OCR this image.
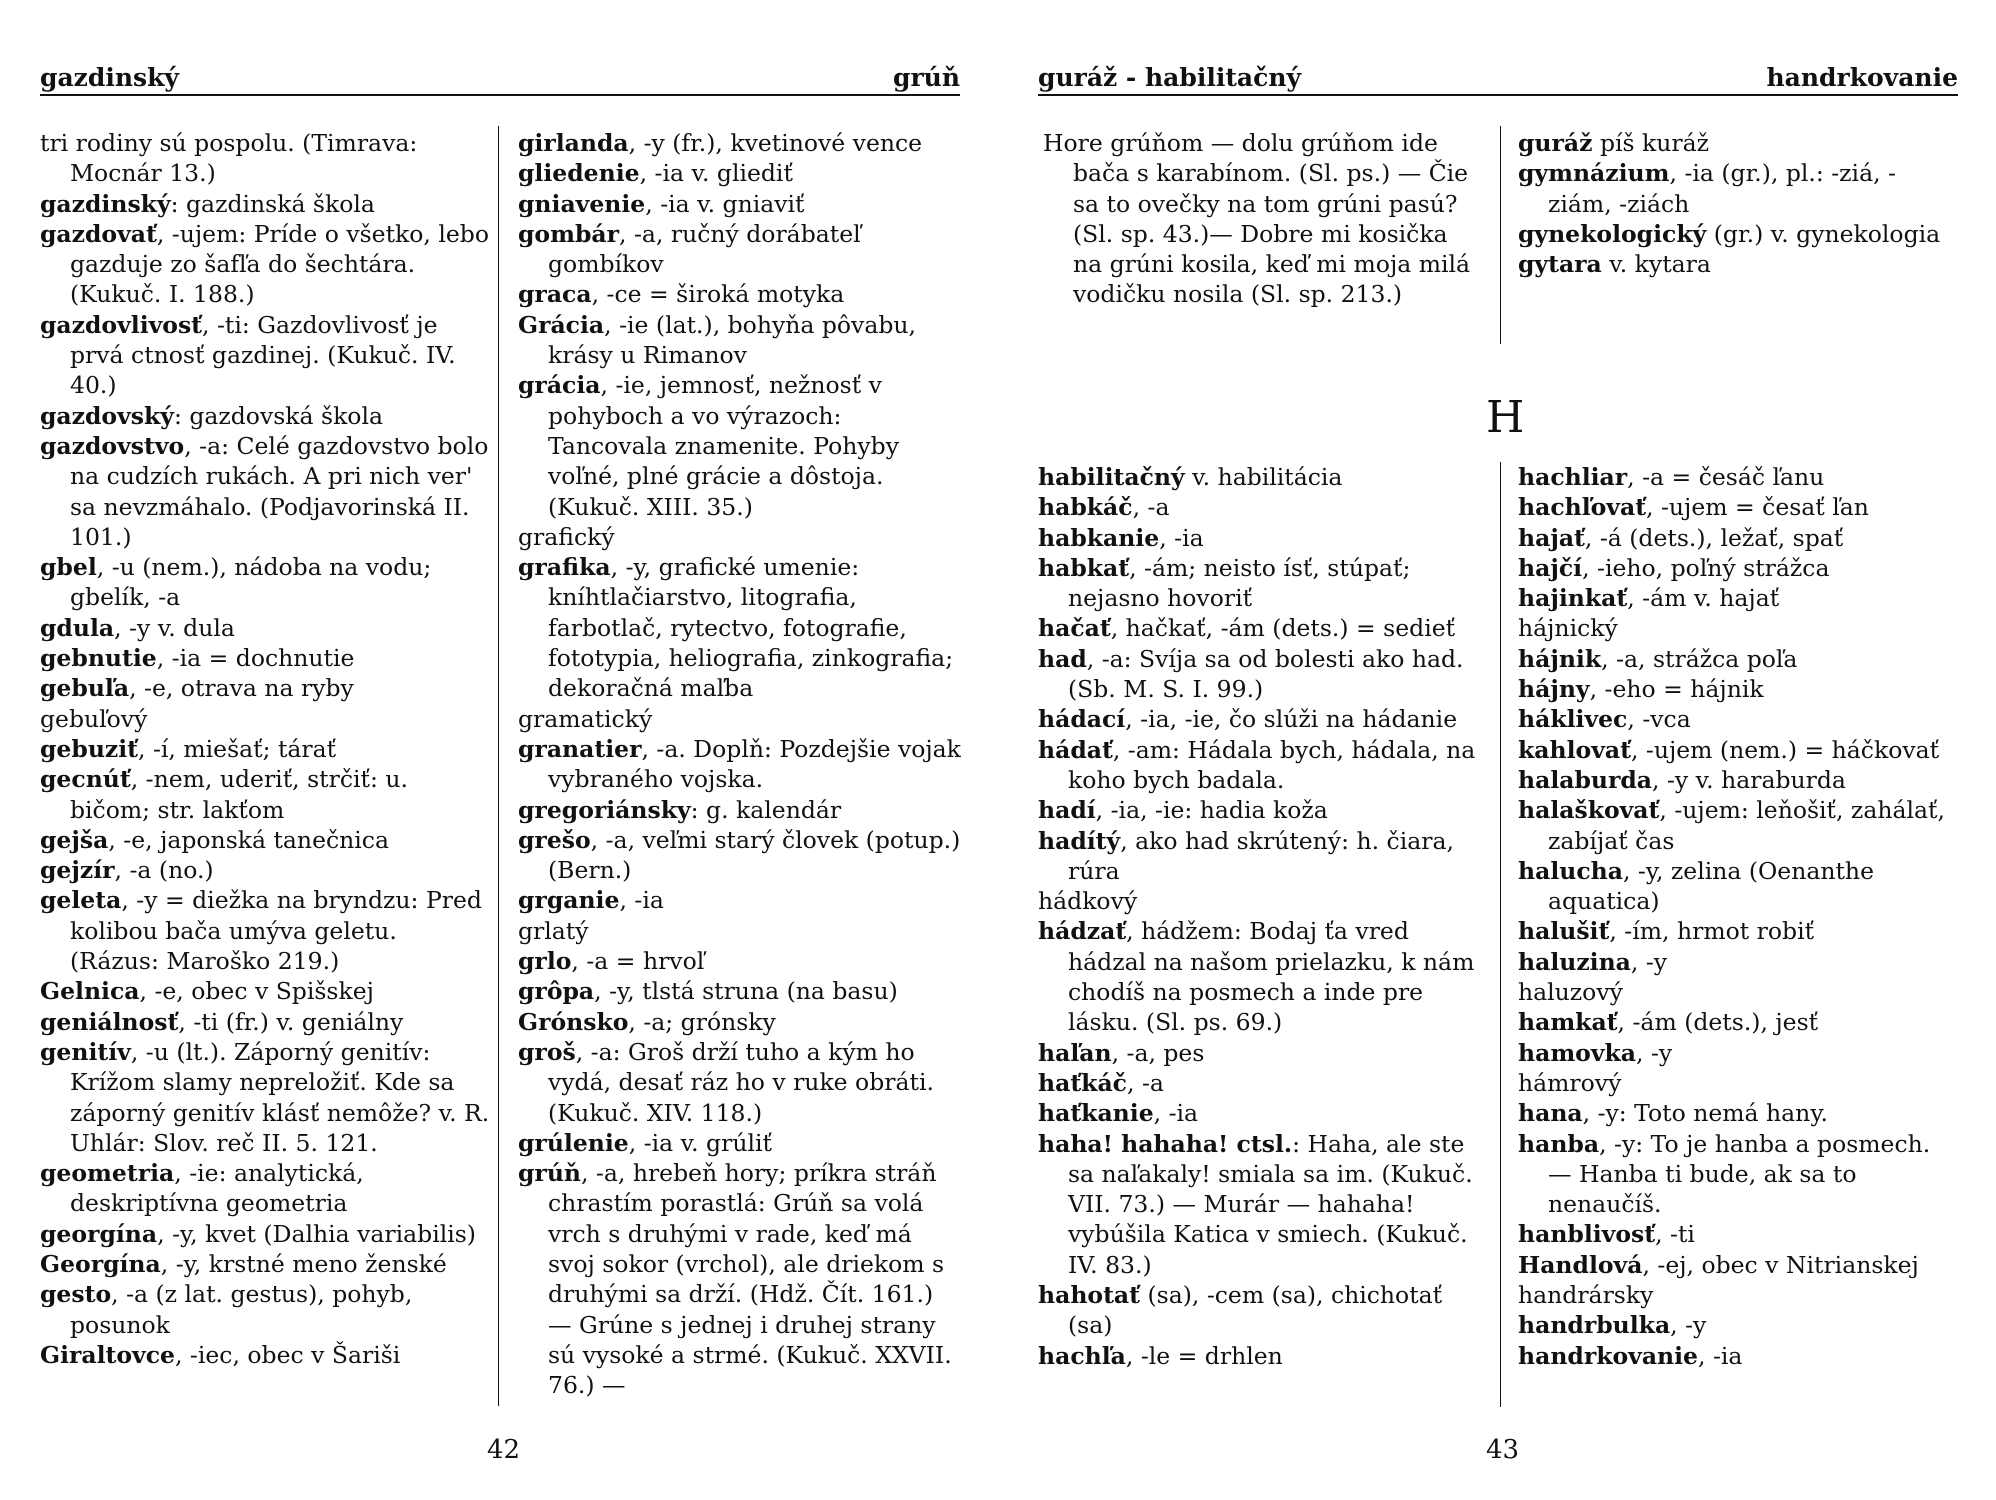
gazdinský	grúň

tri rodiny sú pospolu. (Timrava: Mocnár 13.)

gazdinský: gazdinská škola

gazdovať, -ujem: Príde o všetko, lebo gazduje zo šafľa do šechtára. (Kukuč. I. 188.)

gazdovlivosť, -ti: Gazdovlivosť je prvá ctnosť gazdinej. (Kukuč. IV. 40.)

gazdovský: gazdovská škola

gazdovstvo, -a: Celé gazdovstvo bolo na cudzích rukách. A pri nich ver' sa nevzmáhalo. (Podjavorinská II. 101.)

gbel, -u (nem.), nádoba na vodu; gbelík, -a

gdula, -y v. dula

gebnutie, -ia = dochnutie

gebuľa, -e, otrava na ryby

gebuľový

gebuziť, -í, miešať; tárať

gecnúť, -nem, uderiť, strčiť: u. bičom; str. lakťom

gejša, -e, japonská tanečnica

gejzír, -a (no.)

geleta, -y = diežka na bryndzu: Pred kolibou bača umýva geletu. (Rázus: Maroško 219.)

Gelnica, -e, obec v Spišskej

geniálnosť, -ti (fr.) v. geniálny

genitív, -u (lt.). Záporný genitív: Krížom slamy nepreložiť. Kde sa záporný genitív klásť nemôže? v. R. Uhlár: Slov. reč II. 5. 121.

geometria, -ie: analytická, deskriptívna geometria

georgína, -y, kvet (Dalhia variabilis)

Georgína, -y, krstné meno ženské

gesto, -a (z lat. gestus), pohyb, posunok

Giraltovce, -iec, obec v Šariši

girlanda, -y (fr.), kvetinové vence

gliedenie, -ia v. gliediť

gniavenie, -ia v. gniaviť

gombár, -a, ručný dorábateľ gombíkov

graca, -ce = široká motyka

Grácia, -ie (lat.), bohyňa pôvabu, krásy u Rimanov

grácia, -ie, jemnosť, nežnosť v pohyboch a vo výrazoch: Tancovala znamenite. Pohyby voľné, plné grácie a dôstoja. (Kukuč. XIII. 35.)

grafický

grafika, -y, grafické umenie: kníhtlačiarstvo, litografia, farbotlač, rytectvo, fotografie, fototypia, heliografia, zinkografia; dekoračná maľba

gramatický

granatier, -a. Doplň: Pozdejšie vojak vybraného vojska.

gregoriánsky: g. kalendár

grešo, -a, veľmi starý človek (potup.) (Bern.)

grganie, -ia

grlatý

grlo, -a = hrvoľ

grôpa, -y, tlstá struna (na basu)

Grónsko, -a; grónsky

groš, -a: Groš drží tuho a kým ho vydá, desať ráz ho v ruke obráti. (Kukuč. XIV. 118.)

grúlenie, -ia v. grúliť

grúň, -a, hrebeň hory; príkra stráň chrastím porastlá: Grúň sa volá vrch s druhými v rade, keď má svoj sokor (vrchol), ale driekom s druhými sa drží. (Hdž. Čít. 161.) — Grúne s jednej i druhej strany sú vysoké a strmé. (Kukuč. XXVII. 76.) —

42
guráž - habilitačný	handrkovanie

Hore grúňom — dolu grúňom ide bača s karabínom. (Sl. ps.) — Čie sa to ovečky na tom grúni pasú? (Sl. sp. 43.)— Dobre mi kosička na grúni kosila, keď mi moja milá vodičku nosila (Sl. sp. 213.)

guráž píš kuráž

gymnázium, -ia (gr.), pl.: -ziá, -ziám, -ziách

gynekologický (gr.) v. gynekologia

gytara v. kytara

H

habilitačný v. habilitácia

habkáč, -a

habkanie, -ia

habkať, -ám; neisto ísť, stúpať; nejasno hovoriť

hačať, hačkať, -ám (dets.) = sedieť

had, -a: Svíja sa od bolesti ako had. (Sb. M. S. I. 99.)

hádací, -ia, -ie, čo slúži na hádanie

hádať, -am: Hádala bych, hádala, na koho bych badala.

hadí, -ia, -ie: hadia koža

hadítý, ako had skrútený: h. čiara, rúra

hádkový

hádzať, hádžem: Bodaj ťa vred hádzal na našom prielazku, k nám chodíš na posmech a inde pre lásku. (Sl. ps. 69.)

haľan, -a, pes

haťkáč, -a

haťkanie, -ia

haha! hahaha! ctsl.: Haha, ale ste sa naľakaly! smiala sa im. (Kukuč. VII. 73.) — Murár — hahaha! vybúšila Katica v smiech. (Kukuč. IV. 83.)

hahotať (sa), -cem (sa), chichotať (sa)

hachľa, -le = drhlen

hachliar, -a = česáč ľanu

hachľovať, -ujem = česať ľan

hajať, -á (dets.), ležať, spať

hajčí, -ieho, poľný strážca

hajinkať, -ám v. hajať

hájnický

hájnik, -a, strážca poľa

hájny, -eho = hájnik

háklivec, -vca

kahlovať, -ujem (nem.) = háčkovať

halaburda, -y v. haraburda

halaškovať, -ujem: leňošiť, zahálať, zabíjať čas

halucha, -y, zelina (Oenanthe aquatica)

halušiť, -ím, hrmot robiť

haluzina, -y

haluzový

hamkať, -ám (dets.), jesť

hamovka, -y

hámrový

hana, -y: Toto nemá hany.

hanba, -y: To je hanba a posmech. — Hanba ti bude, ak sa to nenaučíš.

hanblivosť, -ti

Handlová, -ej, obec v Nitrianskej

handrársky

handrbulka, -y

handrkovanie, -ia

43
